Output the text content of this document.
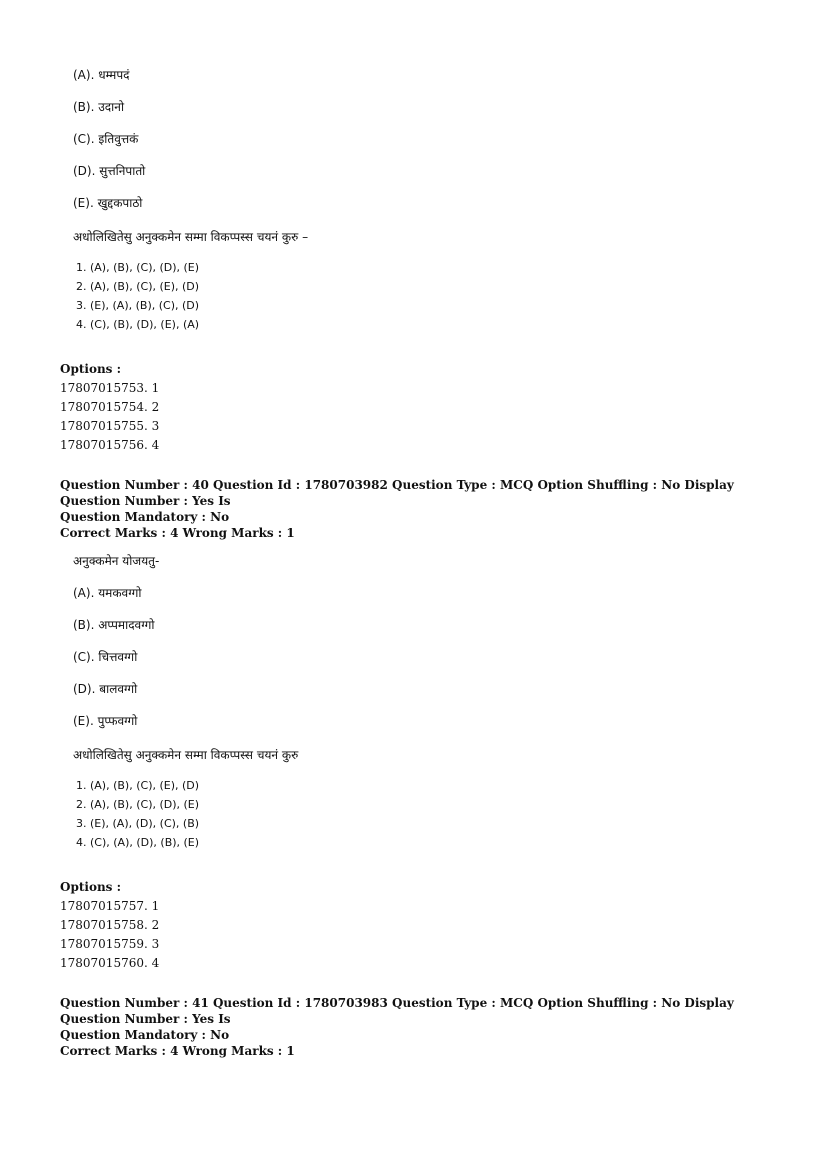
(A). धम्मपदं
(B). उदानो
(C). इतिवुत्तकं
(D). सुत्तनिपातो
(E). खुद्दकपाठो
अधोलिखितेसु अनुक्कमेन सम्मा विकप्पस्स चयनं कुरु –
1. (A), (B), (C), (D), (E)
2. (A), (B), (C), (E), (D)
3. (E), (A), (B), (C), (D)
4. (C), (B), (D), (E), (A)
Options :
17807015753. 1
17807015754. 2
17807015755. 3
17807015756. 4
Question Number : 40 Question Id : 1780703982 Question Type : MCQ Option Shuffling : No Display Question Number : Yes Is
Question Mandatory : No
Correct Marks : 4 Wrong Marks : 1
अनुक्कमेन योजयतु-
(A). यमकवग्गो
(B). अप्पमादवग्गो
(C). चित्तवग्गो
(D). बालवग्गो
(E). पुप्फवग्गो
अधोलिखितेसु अनुक्कमेन सम्मा विकप्पस्स चयनं कुरु
1. (A), (B), (C), (E), (D)
2. (A), (B), (C), (D), (E)
3. (E), (A), (D), (C), (B)
4. (C), (A), (D), (B), (E)
Options :
17807015757. 1
17807015758. 2
17807015759. 3
17807015760. 4
Question Number : 41 Question Id : 1780703983 Question Type : MCQ Option Shuffling : No Display Question Number : Yes Is
Question Mandatory : No
Correct Marks : 4 Wrong Marks : 1
